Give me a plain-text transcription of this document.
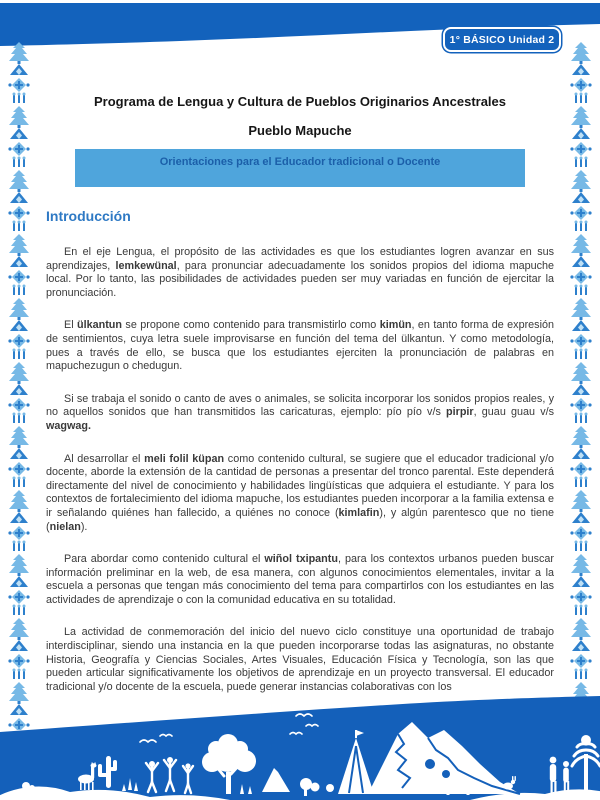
1° BÁSICO Unidad 2
Programa de Lengua y Cultura de Pueblos Originarios Ancestrales
Pueblo Mapuche
Orientaciones para el Educador tradicional o Docente
Introducción

En el eje Lengua, el propósito de las actividades es que los estudiantes logren avanzar en sus aprendizajes, lemkewünal, para pronunciar adecuadamente los sonidos propios del idioma mapuche local. Por lo tanto, las posibilidades de actividades pueden ser muy variadas en función de ejercitar la pronunciación.

El ülkantun se propone como contenido para transmistirlo como kimün, en tanto forma de expresión de sentimientos, cuya letra suele improvisarse en función del tema del ülkantun. Y como metodología, pues a través de ello, se busca que los estudiantes ejerciten la pronunciación de palabras en mapuchezugun o chedugun.

Si se trabaja el sonido o canto de aves o animales, se solicita incorporar los sonidos propios reales, y no aquellos sonidos que han transmitidos las caricaturas, ejemplo: pío pío v/s pirpir, guau guau v/s wagwag.

Al desarrollar el meli folil küpan como contenido cultural, se sugiere que el educador tradicional y/o docente, aborde la extensión de la cantidad de personas a presentar del tronco parental. Este dependerá directamente del nivel de conocimiento y habilidades lingüísticas que adquiera el estudiante. Y para los contextos de fortalecimiento del idioma mapuche, los estudiantes pueden incorporar a la familia extensa e ir señalando quiénes han fallecido, a quiénes no conoce (kimlafin), y algún parentesco que no tiene (nielan).

Para abordar como contenido cultural el wiñol txipantu, para los contextos urbanos pueden buscar información preliminar en la web, de esa manera, con algunos conocimientos elementales, invitar a la escuela a personas que tengan más conocimiento del tema para compartirlos con los estudiantes en las actividades de aprendizaje o con la comunidad educativa en su totalidad.

La actividad de conmemoración del inicio del nuevo ciclo constituye una oportunidad de trabajo interdisciplinar, siendo una instancia en la que pueden incorporarse todas las asignaturas, no obstante Historia, Geografía y Ciencias Sociales, Artes Visuales, Educación Física y Tecnología, son las que pueden articular significativamente los objetivos de aprendizaje en un proyecto transversal. El educador tradicional y/o docente de la escuela, puede generar instancias colaborativas con los
